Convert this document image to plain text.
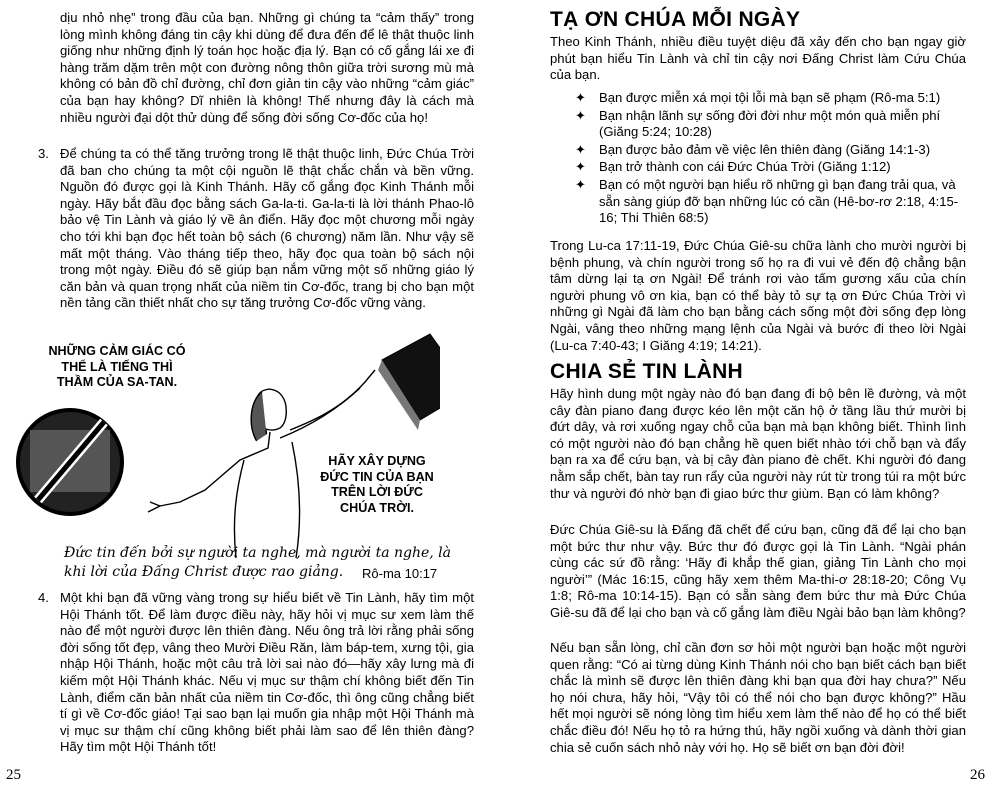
dịu nhỏ nhẹ” trong đầu của bạn. Những gì chúng ta “cảm thấy” trong lòng mình không đáng tin cậy khi dùng để đưa đến để lê thật thuộc linh giống như những định lý toán học hoặc địa lý. Bạn có cố gắng lái xe đi hàng trăm dặm trên một con đường nông thôn giữa trời sương mù mà không có bản đồ chỉ đường, chỉ đơn giản tin cậy vào những “cảm giác” của bạn hay không? Dĩ nhiên là không! Thế nhưng đây là cách mà nhiều người đại dột thử dùng để sống đời sống Cơ-đốc của họ!

3. Để chúng ta có thể tăng trưởng trong lẽ thật thuộc linh, Đức Chúa Trời đã ban cho chúng ta một cội nguồn lẽ thật chắc chắn và bền vững. Nguồn đó được gọi là Kinh Thánh. Hãy cố gắng đọc Kinh Thánh mỗi ngày. Hãy bắt đầu đọc bằng sách Ga-la-ti. Ga-la-ti là lời thánh Phao-lô bảo vệ Tin Lành và giáo lý về ân điển. Hãy đọc một chương mỗi ngày cho tới khi bạn đọc hết toàn bộ sách (6 chương) năm lần. Như vậy sẽ mất một tháng. Vào tháng tiếp theo, hãy đọc qua toàn bộ sách nội trong một ngày. Điều đó sẽ giúp bạn nắm vững một số những giáo lý căn bản và quan trọng nhất của niềm tin Cơ-đốc, trang bị cho bạn một nền tảng cần thiết nhất cho sự tăng trưởng Cơ-đốc vững vàng.

NHỮNG CẢM GIÁC CÓ THỂ LÀ TIẾNG THÌ THẦM CỦA SA-TAN.
HÃY XÂY DỰNG ĐỨC TIN CỦA BẠN TRÊN LỜI ĐỨC CHÚA TRỜI.
Đức tin đến bởi sự người ta nghe, mà người ta nghe, là khi lời của Đấng Christ được rao giảng.	Rô-ma 10:17
4. Một khi bạn đã vững vàng trong sự hiểu biết về Tin Lành, hãy tìm một Hội Thánh tốt. Để làm được điều này, hãy hỏi vị mục sư xem làm thế nào để một người được lên thiên đàng. Nếu ông trả lời rằng phải sống đời sống tốt đẹp, vâng theo Mười Điều Răn, làm báp-tem, xưng tội, gia nhập Hội Thánh, hoặc một câu trả lời sai nào đó—hãy xây lưng mà đi kiếm một Hội Thánh khác. Nếu vị mục sư thậm chí không biết đến Tin Lành, điểm căn bản nhất của niềm tin Cơ-đốc, thì ông cũng chẳng biết tí gì về Cơ-đốc giáo! Tại sao bạn lại muốn gia nhập một Hội Thánh mà vị mục sư thậm chí cũng không biết phải làm sao để lên thiên đàng? Hãy tìm một Hội Thánh tốt!

25
TẠ ƠN CHÚA MỖI NGÀY

Theo Kinh Thánh, nhiều điều tuyệt diệu đã xảy đến cho bạn ngay giờ phút bạn hiểu Tin Lành và chỉ tin cậy nơi Đấng Christ làm Cứu Chúa của bạn.

✦ Bạn được miễn xá mọi tội lỗi mà bạn sẽ phạm (Rô-ma 5:1)
✦ Bạn nhận lãnh sự sống đời đời như một món quà miễn phí (Giăng 5:24; 10:28)
✦ Bạn được bảo đảm về việc lên thiên đàng (Giăng 14:1-3)
✦ Bạn trở thành con cái Đức Chúa Trời (Giăng 1:12)
✦ Bạn có một người bạn hiểu rõ những gì bạn đang trải qua, và sẵn sàng giúp đỡ bạn những lúc có cần (Hê-bơ-rơ 2:18, 4:15-16; Thi Thiên 68:5)

Trong Lu-ca 17:11-19, Đức Chúa Giê-su chữa lành cho mười người bị bệnh phung, và chín người trong số họ ra đi vui vẻ đến độ chẳng bận tâm dừng lại tạ ơn Ngài! Để tránh rơi vào tấm gương xấu của chín người phung vô ơn kia, bạn có thể bày tỏ sự tạ ơn Đức Chúa Trời vì những gì Ngài đã làm cho bạn bằng cách sống một đời sống đẹp lòng Ngài, vâng theo những mạng lệnh của Ngài và bước đi theo lời Ngài (Lu-ca 7:40-43; I Giăng 4:19; 14:21).

CHIA SẺ TIN LÀNH

Hãy hình dung một ngày nào đó bạn đang đi bộ bên lề đường, và một cây đàn piano đang được kéo lên một căn hộ ở tầng lầu thứ mười bị đứt dây, và rơi xuống ngay chỗ của bạn mà bạn không biết. Thình lình có một người nào đó bạn chẳng hề quen biết nhào tới chỗ bạn và đẩy bạn ra xa để cứu bạn, và bị cây đàn piano đè chết. Khi người đó đang nằm sắp chết, bàn tay run rẩy của người này rút từ trong túi ra một bức thư và người đó nhờ bạn đi giao bức thư giùm. Bạn có làm không?

Đức Chúa Giê-su là Đấng đã chết để cứu bạn, cũng đã để lại cho bạn một bức thư như vậy. Bức thư đó được gọi là Tin Lành. “Ngài phán cùng các sứ đồ rằng: ‘Hãy đi khắp thế gian, giảng Tin Lành cho mọi người’” (Mác 16:15, cũng hãy xem thêm Ma-thi-ơ 28:18-20; Công Vụ 1:8; Rô-ma 10:14-15). Bạn có sẵn sàng đem bức thư mà Đức Chúa Giê-su đã để lại cho bạn và cố gắng làm điều Ngài bảo bạn làm không?

Nếu bạn sẵn lòng, chỉ cần đơn sơ hỏi một người bạn hoặc một người quen rằng: “Có ai từng dùng Kinh Thánh nói cho bạn biết cách bạn biết chắc là mình sẽ được lên thiên đàng khi bạn qua đời hay chưa?” Nếu họ nói chưa, hãy hỏi, “Vậy tôi có thể nói cho bạn được không?” Hầu hết mọi người sẽ nóng lòng tìm hiểu xem làm thế nào để họ có thể biết chắc điều đó! Nếu họ tỏ ra hứng thú, hãy ngồi xuống và dành thời gian chia sẻ cuốn sách nhỏ này với họ. Họ sẽ biết ơn bạn đời đời!

26
